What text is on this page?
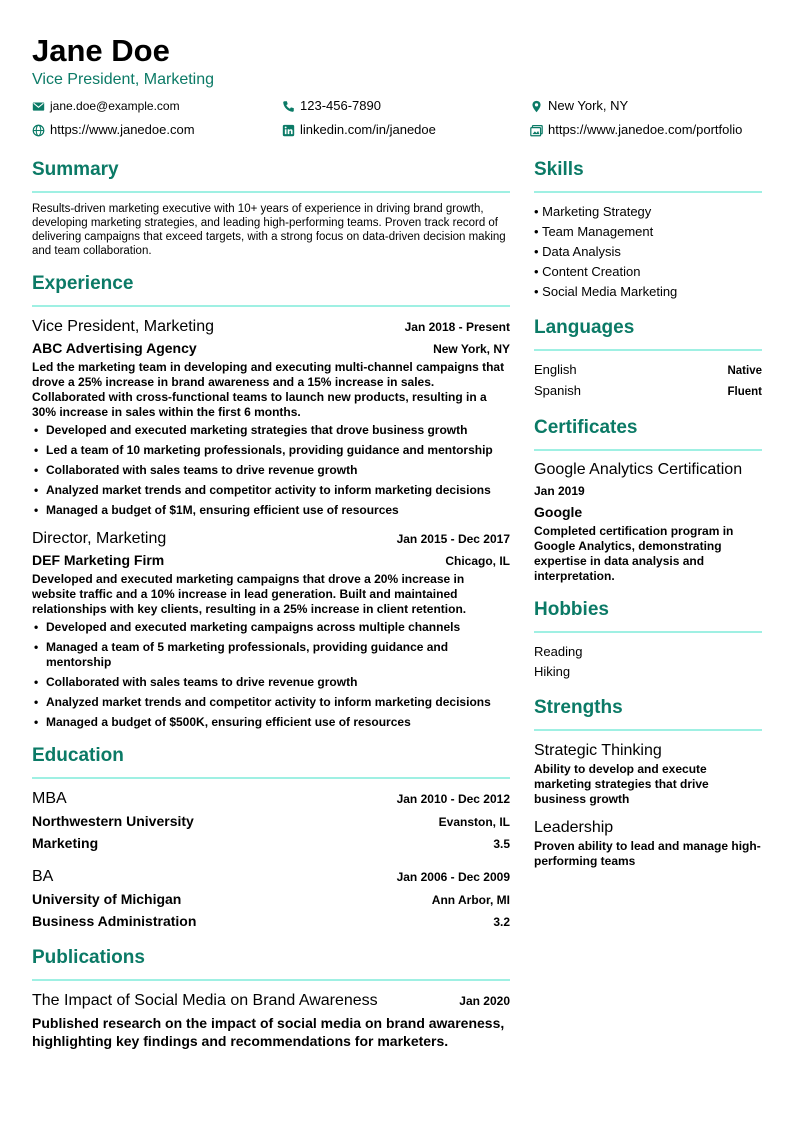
Jane Doe
Vice President, Marketing
jane.doe@example.com	123-456-7890	New York, NY
https://www.janedoe.com	linkedin.com/in/janedoe	https://www.janedoe.com/portfolio
Summary

Results-driven marketing executive with 10+ years of experience in driving brand growth, developing marketing strategies, and leading high-performing teams. Proven track record of delivering campaigns that exceed targets, with a strong focus on data-driven decision making and team collaboration.

Experience
Vice President, Marketing	Jan 2018 - Present
ABC Advertising Agency	New York, NY

Led the marketing team in developing and executing multi-channel campaigns that drove a 25% increase in brand awareness and a 15% increase in sales. Collaborated with cross-functional teams to launch new products, resulting in a 30% increase in sales within the first 6 months.

• Developed and executed marketing strategies that drove business growth
• Led a team of 10 marketing professionals, providing guidance and mentorship
• Collaborated with sales teams to drive revenue growth
• Analyzed market trends and competitor activity to inform marketing decisions
• Managed a budget of $1M, ensuring efficient use of resources
Director, Marketing	Jan 2015 - Dec 2017
DEF Marketing Firm	Chicago, IL

Developed and executed marketing campaigns that drove a 20% increase in website traffic and a 10% increase in lead generation. Built and maintained relationships with key clients, resulting in a 25% increase in client retention.

• Developed and executed marketing campaigns across multiple channels
• Managed a team of 5 marketing professionals, providing guidance and mentorship
• Collaborated with sales teams to drive revenue growth
• Analyzed market trends and competitor activity to inform marketing decisions
• Managed a budget of $500K, ensuring efficient use of resources
Education
MBA	Jan 2010 - Dec 2012
Northwestern University	Evanston, IL
Marketing	3.5
BA	Jan 2006 - Dec 2009
University of Michigan	Ann Arbor, MI
Business Administration	3.2
Publications
The Impact of Social Media on Brand Awareness	Jan 2020

Published research on the impact of social media on brand awareness, highlighting key findings and recommendations for marketers.

Skills
• Marketing Strategy
• Team Management
• Data Analysis
• Content Creation
• Social Media Marketing
Languages
English	Native
Spanish	Fluent
Certificates
Google Analytics Certification
Jan 2019
Google

Completed certification program in Google Analytics, demonstrating expertise in data analysis and interpretation.

Hobbies
Reading
Hiking
Strengths
Strategic Thinking

Ability to develop and execute marketing strategies that drive business growth

Leadership

Proven ability to lead and manage high-performing teams
